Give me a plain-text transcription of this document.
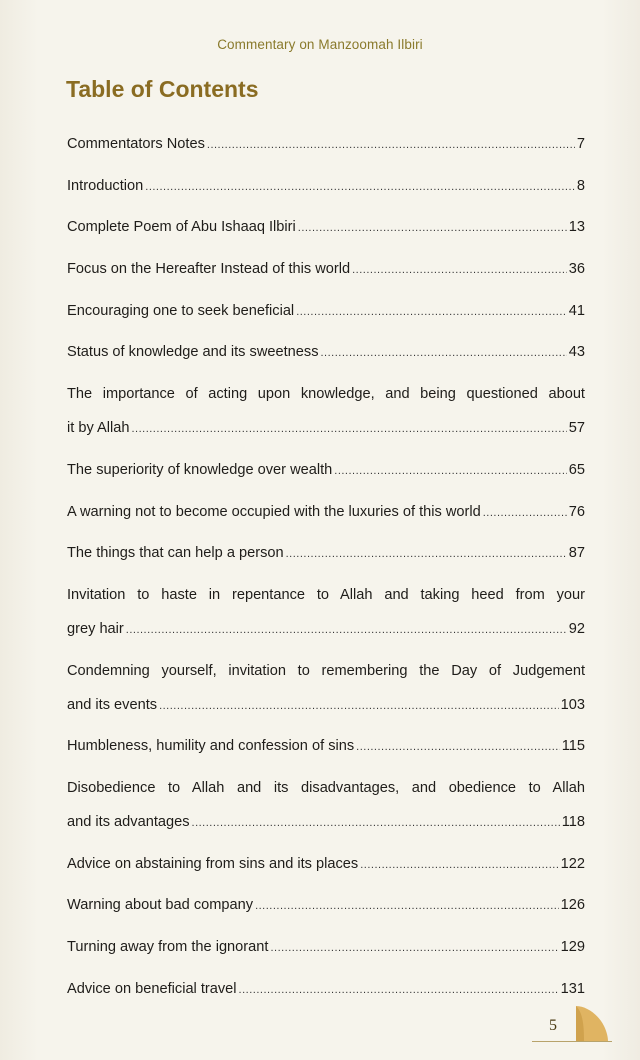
Commentary on Manzoomah Ilbiri
Table of Contents
Commentators Notes .....	7
Introduction .....	8
Complete Poem of Abu Ishaaq Ilbiri .....	13
Focus on the Hereafter Instead of this world .....	36
Encouraging one to seek beneficial .....	41
Status of knowledge and its sweetness .....	43
The importance of acting upon knowledge, and being questioned about
it by Allah .....	57
The superiority of knowledge over wealth .....	65
A warning not to become occupied with the luxuries of this world .....	76
The things that can help a person .....	87
Invitation to haste in repentance to Allah and taking heed from your
grey hair .....	92
Condemning yourself, invitation to remembering the Day of Judgement
and its events .....	103
Humbleness, humility and confession of sins .....	115
Disobedience to Allah and its disadvantages, and obedience to Allah
and its advantages .....	118
Advice on abstaining from sins and its places .....	122
Warning about bad company .....	126
Turning away from the ignorant .....	129
Advice on beneficial travel .....	131
5
